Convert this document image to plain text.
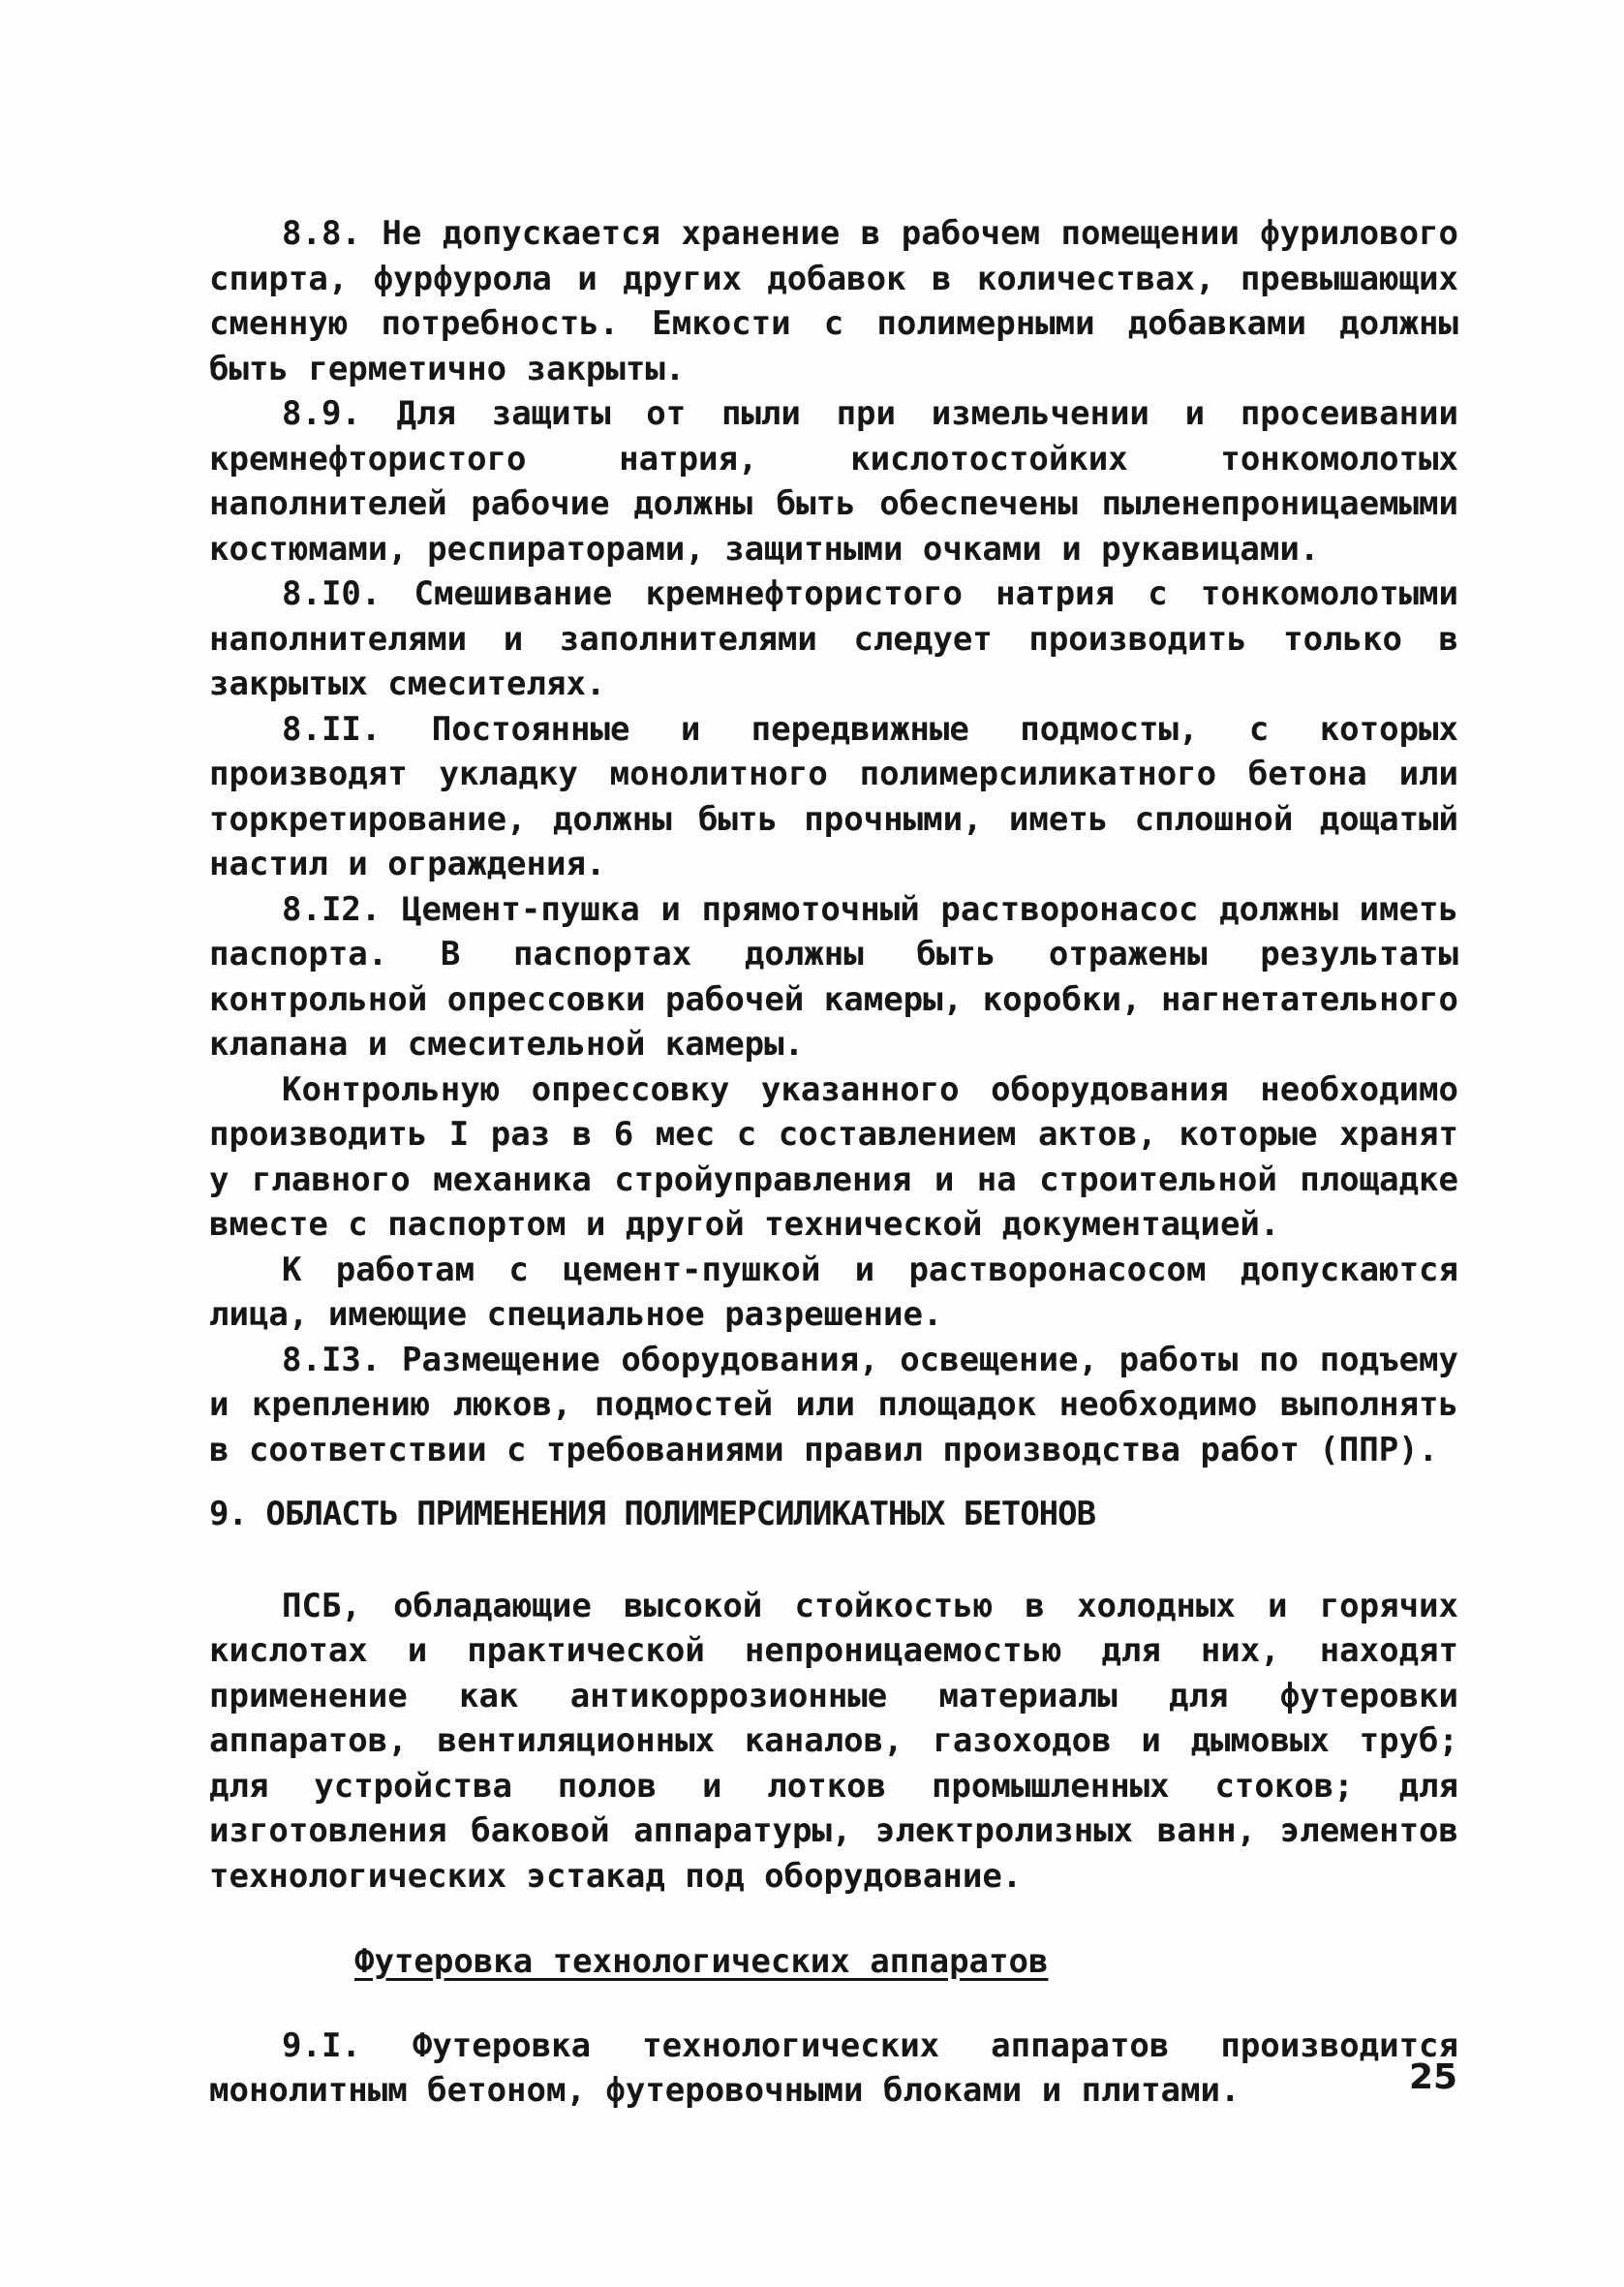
8.8. Не допускается хранение в рабочем помещении фурилового спирта, фурфурола и других добавок в количествах, превышающих сменную потребность. Емкости с полимерными добавками должны быть герметично закрыты.

8.9. Для защиты от пыли при измельчении и просеивании кремнефтористого натрия, кислотостойких тонкомолотых наполнителей рабочие должны быть обеспечены пыленепроницаемыми костюмами, респираторами, защитными очками и рукавицами.

8.I0. Смешивание кремнефтористого натрия с тонкомолотыми наполнителями и заполнителями следует производить только в закрытых смесителях.

8.II. Постоянные и передвижные подмосты, с которых производят укладку монолитного полимерсиликатного бетона или торкретирование, должны быть прочными, иметь сплошной дощатый настил и ограждения.

8.I2. Цемент-пушка и прямоточный растворонасос должны иметь паспорта. В паспортах должны быть отражены результаты контрольной опрессовки рабочей камеры, коробки, нагнетательного клапана и смесительной камеры.

Контрольную опрессовку указанного оборудования необходимо производить I раз в 6 мес с составлением актов, которые хранят у главного механика стройуправления и на строительной площадке вместе с паспортом и другой технической документацией.

К работам с цемент-пушкой и растворонасосом допускаются лица, имеющие специальное разрешение.

8.I3. Размещение оборудования, освещение, работы по подъему и креплению люков, подмостей или площадок необходимо выполнять в соответствии с требованиями правил производства работ (ППР).

9. ОБЛАСТЬ ПРИМЕНЕНИЯ ПОЛИМЕРСИЛИКАТНЫХ БЕТОНОВ

ПСБ, обладающие высокой стойкостью в холодных и горячих кислотах и практической непроницаемостью для них, находят применение как антикоррозионные материалы для футеровки аппаратов, вентиляционных каналов, газоходов и дымовых труб; для устройства полов и лотков промышленных стоков; для изготовления баковой аппаратуры, электролизных ванн, элементов технологических эстакад под оборудование.

Футеровка технологических аппаратов

9.I. Футеровка технологических аппаратов производится монолитным бетоном, футеровочными блоками и плитами.	25
